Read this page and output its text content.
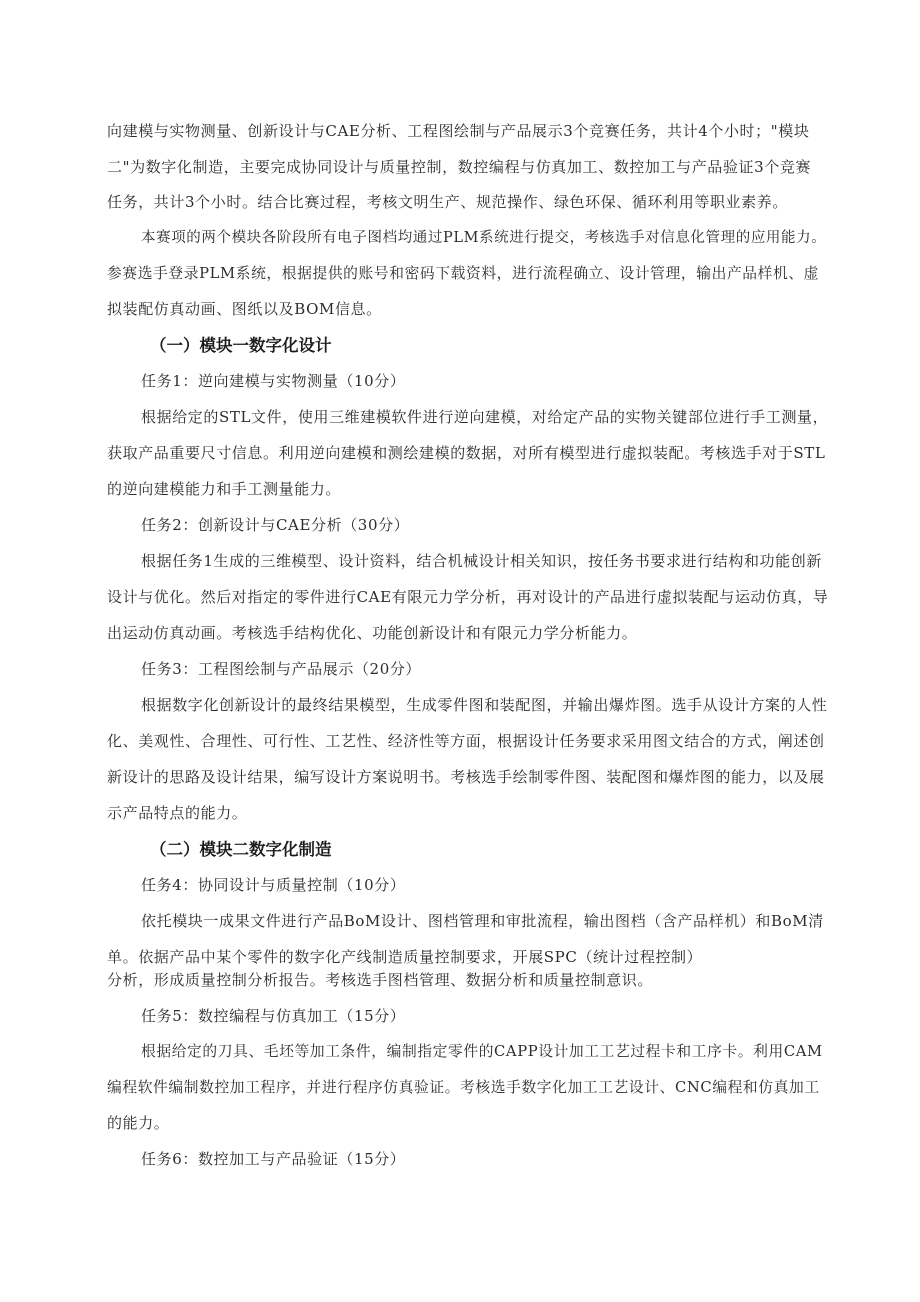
向建模与实物测量、创新设计与CAE分析、工程图绘制与产品展示3个竞赛任务，共计4个小时；"模块
二"为数字化制造，主要完成协同设计与质量控制，数控编程与仿真加工、数控加工与产品验证3个竞赛
任务，共计3个小时。结合比赛过程，考核文明生产、规范操作、绿色环保、循环利用等职业素养。
本赛项的两个模块各阶段所有电子图档均通过PLM系统进行提交，考核选手对信息化管理的应用能力。
参赛选手登录PLM系统，根据提供的账号和密码下载资料，进行流程确立、设计管理，输出产品样机、虚
拟装配仿真动画、图纸以及BOM信息。
（一）模块一数字化设计
任务1：逆向建模与实物测量（10分）
根据给定的STL文件，使用三维建模软件进行逆向建模，对给定产品的实物关键部位进行手工测量，
获取产品重要尺寸信息。利用逆向建模和测绘建模的数据，对所有模型进行虚拟装配。考核选手对于STL
的逆向建模能力和手工测量能力。
任务2：创新设计与CAE分析（30分）
根据任务1生成的三维模型、设计资料，结合机械设计相关知识，按任务书要求进行结构和功能创新
设计与优化。然后对指定的零件进行CAE有限元力学分析，再对设计的产品进行虚拟装配与运动仿真，导
出运动仿真动画。考核选手结构优化、功能创新设计和有限元力学分析能力。
任务3：工程图绘制与产品展示（20分）
根据数字化创新设计的最终结果模型，生成零件图和装配图，并输出爆炸图。选手从设计方案的人性
化、美观性、合理性、可行性、工艺性、经济性等方面，根据设计任务要求采用图文结合的方式，阐述创
新设计的思路及设计结果，编写设计方案说明书。考核选手绘制零件图、装配图和爆炸图的能力，以及展
示产品特点的能力。
（二）模块二数字化制造
任务4：协同设计与质量控制（10分）
依托模块一成果文件进行产品BoM设计、图档管理和审批流程，输出图档（含产品样机）和BoM清
单。依据产品中某个零件的数字化产线制造质量控制要求，开展SPC（统计过程控制）
分析，形成质量控制分析报告。考核选手图档管理、数据分析和质量控制意识。
任务5：数控编程与仿真加工（15分）
根据给定的刀具、毛坯等加工条件，编制指定零件的CAPP设计加工工艺过程卡和工序卡。利用CAM
编程软件编制数控加工程序，并进行程序仿真验证。考核选手数字化加工工艺设计、CNC编程和仿真加工
的能力。
任务6：数控加工与产品验证（15分）
